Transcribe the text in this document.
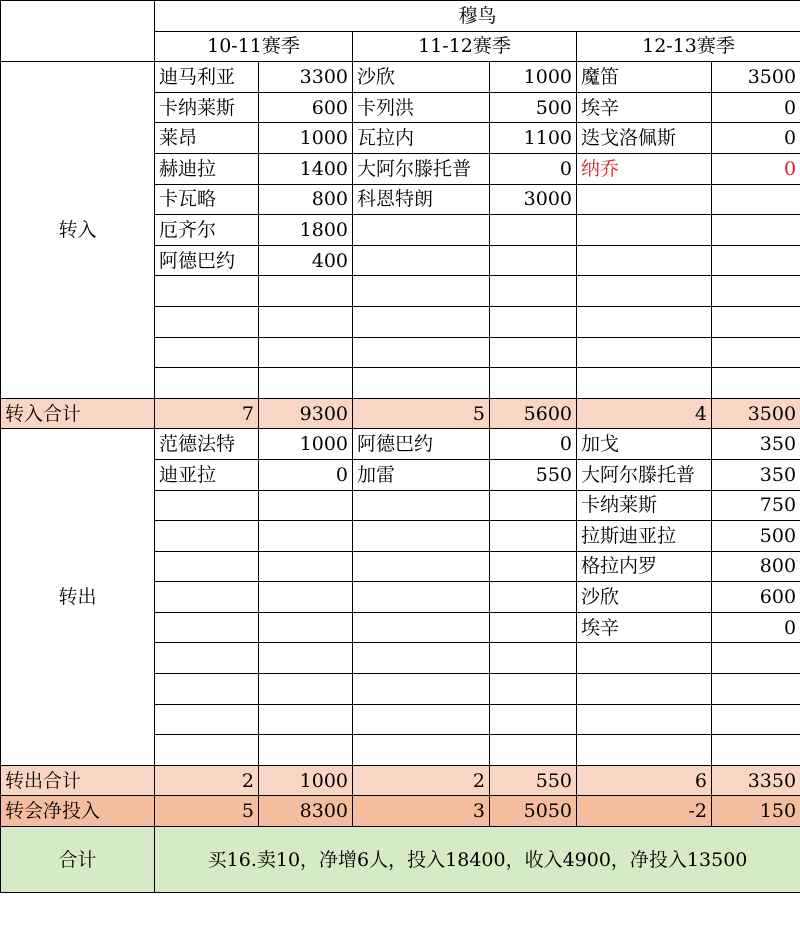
	穆鸟					
	10-11赛季		11-12赛季		12-13赛季	
转入	迪马利亚	3300	沙欣	1000	魔笛	3500
	卡纳莱斯	600	卡列洪	500	埃辛	0
	莱昂	1000	瓦拉内	1100	迭戈洛佩斯	0
	赫迪拉	1400	大阿尔滕托普	0	纳乔	0
	卡瓦略	800	科恩特朗	3000		
	厄齐尔	1800				
	阿德巴约	400				

转入合计	7	9300	5	5600	4	3500
转出	范德法特	1000	阿德巴约	0	加戈	350
	迪亚拉	0	加雷	550	大阿尔滕托普	350
					卡纳莱斯	750
					拉斯迪亚拉	500
					格拉内罗	800
					沙欣	600
					埃辛	0

转出合计	2	1000	2	550	6	3350
转会净投入	5	8300	3	5050	-2	150
合计	买16.卖10，净增6人，投入18400，收入4900，净投入13500					
